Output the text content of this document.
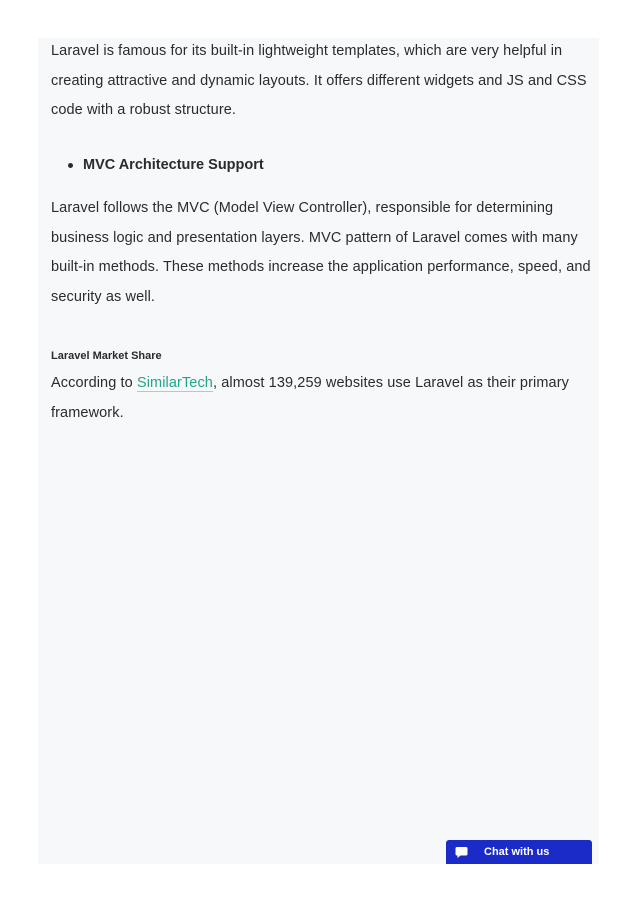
Laravel is famous for its built-in lightweight templates, which are very helpful in creating attractive and dynamic layouts. It offers different widgets and JS and CSS code with a robust structure.

MVC Architecture Support

Laravel follows the MVC (Model View Controller), responsible for determining business logic and presentation layers. MVC pattern of Laravel comes with many built-in methods. These methods increase the application performance, speed, and security as well.

Laravel Market Share

According to SimilarTech, almost 139,259 websites use Laravel as their primary framework.

Chat with us
